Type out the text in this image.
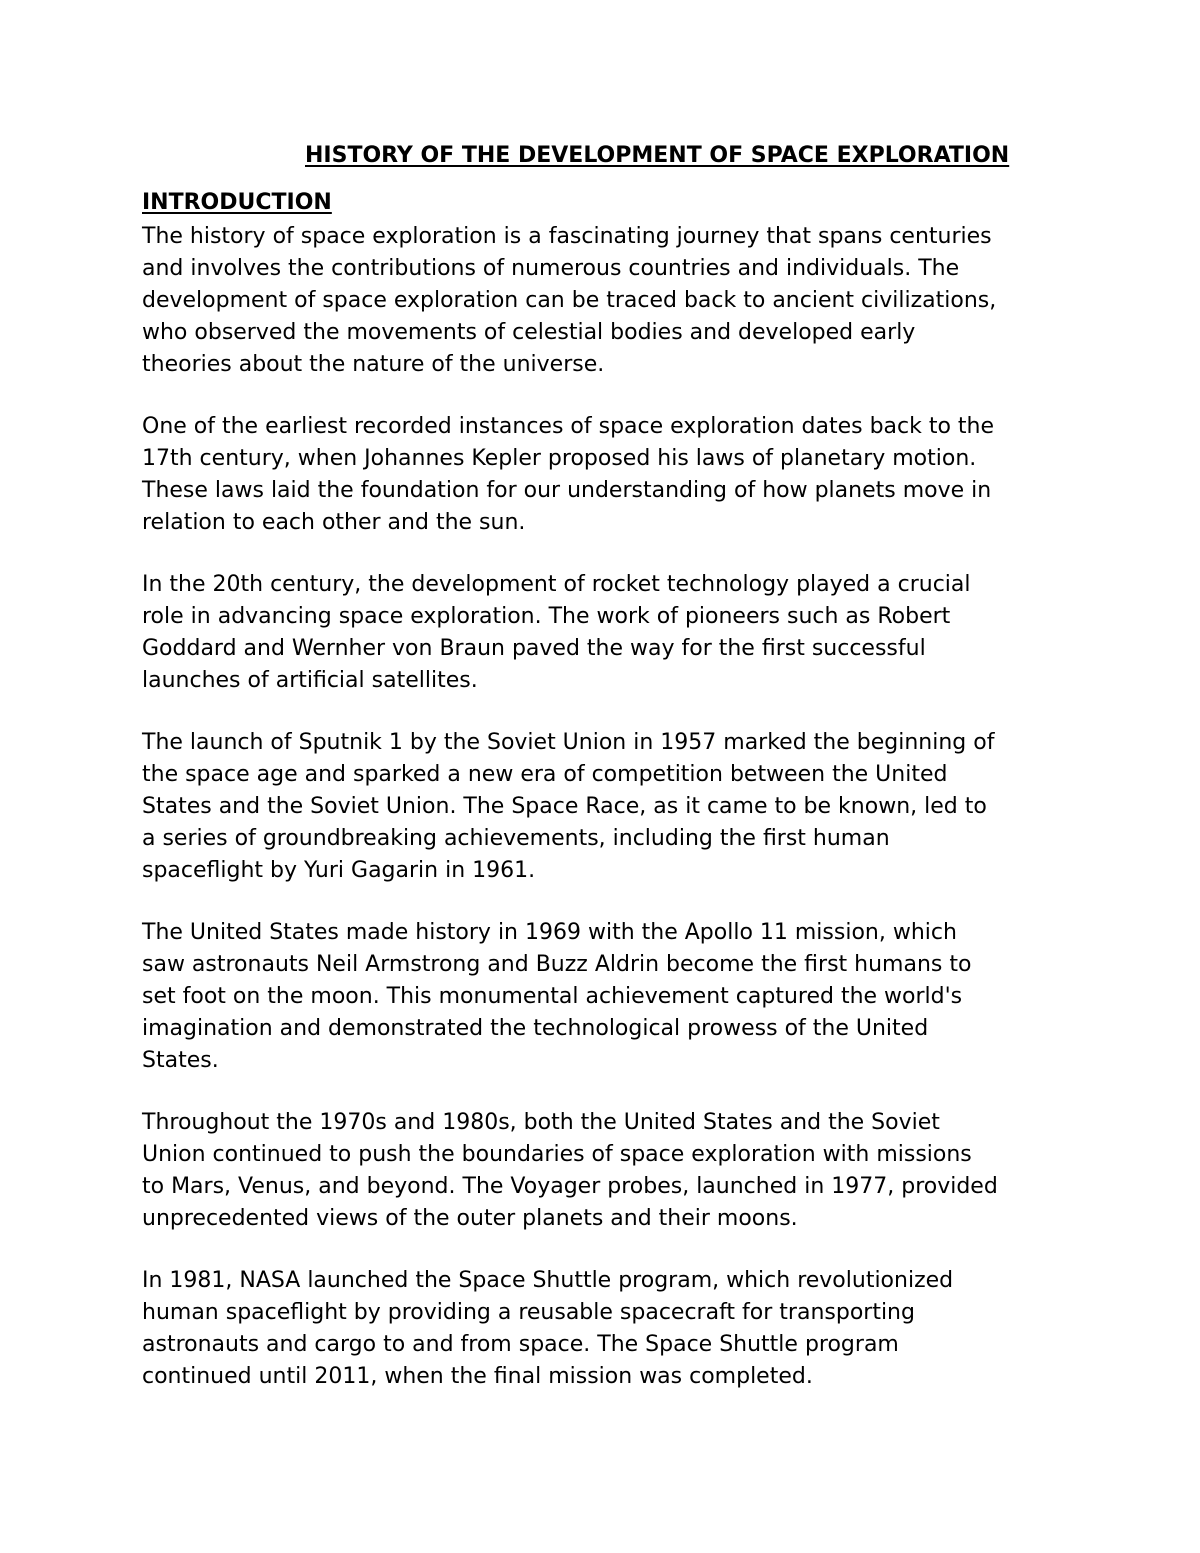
HISTORY OF THE DEVELOPMENT OF SPACE EXPLORATION
INTRODUCTION

The history of space exploration is a fascinating journey that spans centuries
and involves the contributions of numerous countries and individuals. The
development of space exploration can be traced back to ancient civilizations,
who observed the movements of celestial bodies and developed early
theories about the nature of the universe.

One of the earliest recorded instances of space exploration dates back to the
17th century, when Johannes Kepler proposed his laws of planetary motion.
These laws laid the foundation for our understanding of how planets move in
relation to each other and the sun.

In the 20th century, the development of rocket technology played a crucial
role in advancing space exploration. The work of pioneers such as Robert
Goddard and Wernher von Braun paved the way for the first successful
launches of artificial satellites.

The launch of Sputnik 1 by the Soviet Union in 1957 marked the beginning of
the space age and sparked a new era of competition between the United
States and the Soviet Union. The Space Race, as it came to be known, led to
a series of groundbreaking achievements, including the first human
spaceflight by Yuri Gagarin in 1961.

The United States made history in 1969 with the Apollo 11 mission, which
saw astronauts Neil Armstrong and Buzz Aldrin become the first humans to
set foot on the moon. This monumental achievement captured the world's
imagination and demonstrated the technological prowess of the United
States.

Throughout the 1970s and 1980s, both the United States and the Soviet
Union continued to push the boundaries of space exploration with missions
to Mars, Venus, and beyond. The Voyager probes, launched in 1977, provided
unprecedented views of the outer planets and their moons.

In 1981, NASA launched the Space Shuttle program, which revolutionized
human spaceflight by providing a reusable spacecraft for transporting
astronauts and cargo to and from space. The Space Shuttle program
continued until 2011, when the final mission was completed.
